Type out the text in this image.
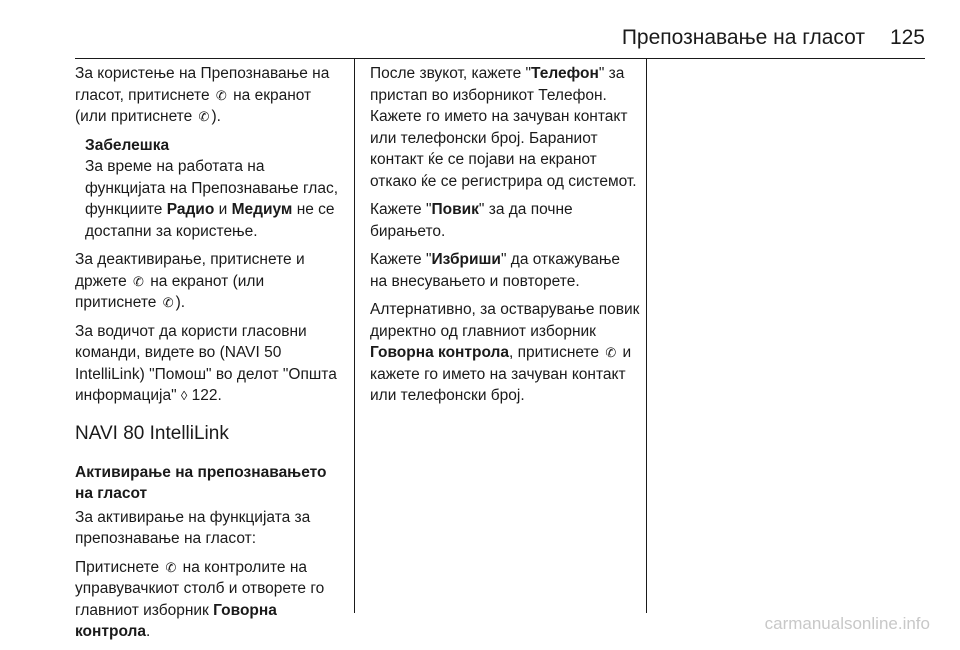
Препознавање на гласот 125

За користење на Препознавање на гласот, притиснете ✆ на екранот (или притиснете ✆ ).

Забелешка
За време на работата на функцијата на Препознавање глас, функциите Радио и Медиум не се достапни за користење.

За деактивирање, притиснете и држете ✆ на екранот (или притиснете ✆ ).

За водичот да користи гласовни команди, видете во (NAVI 50 IntelliLink) "Помош" во делот "Општа информација" ◊ 122.

NAVI 80 IntelliLink
Активирање на препознавањето на гласот

За активирање на функцијата за препознавање на гласот:

Притиснете ✆ на контролите на управувачкиот столб и отворете го главниот изборник Говорна контрола.

После звукот, кажете "Телефон" за пристап во изборникот Телефон. Кажете го името на зачуван контакт или телефонски број. Бараниот контакт ќе се појави на екранот откако ќе се регистрира од системот.

Кажете "Повик" за да почне бирањето.

Кажете "Избриши" да откажување на внесувањето и повторете.

Алтернативно, за остварување повик директно од главниот изборник Говорна контрола, притиснете ✆ и кажете го името на зачуван контакт или телефонски број.

carmanualsonline.info
